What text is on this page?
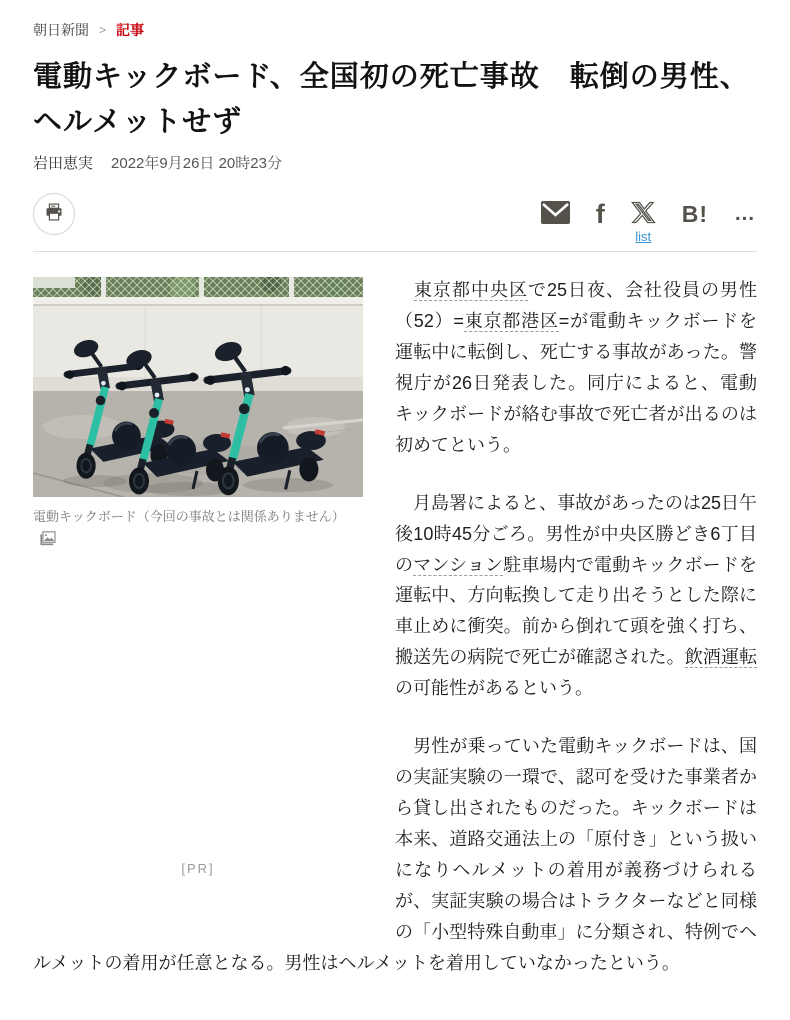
朝日新聞 > 記事
電動キックボード、全国初の死亡事故　転倒の男性、ヘルメットせず
岩田恵実 2022年9月26日 20時23分
f
list
B! …
電動キックボード（今回の事故とは関係ありません）
[PR]

　東京都中央区で25日夜、会社役員の男性（52）=東京都港区=が電動キックボードを運転中に転倒し、死亡する事故があった。警視庁が26日発表した。同庁によると、電動キックボードが絡む事故で死亡者が出るのは初めてという。

　月島署によると、事故があったのは25日午後10時45分ごろ。男性が中央区勝どき6丁目のマンション駐車場内で電動キックボードを運転中、方向転換して走り出そうとした際に車止めに衝突。前から倒れて頭を強く打ち、搬送先の病院で死亡が確認された。飲酒運転の可能性があるという。

　男性が乗っていた電動キックボードは、国の実証実験の一環で、認可を受けた事業者から貸し出されたものだった。キックボードは本来、道路交通法上の「原付き」という扱いになりヘルメットの着用が義務づけられるが、実証実験の場合はトラクターなどと同様の「小型特殊自動車」に分類され、特例でヘルメットの着用が任意となる。男性はヘルメットを着用していなかったという。
